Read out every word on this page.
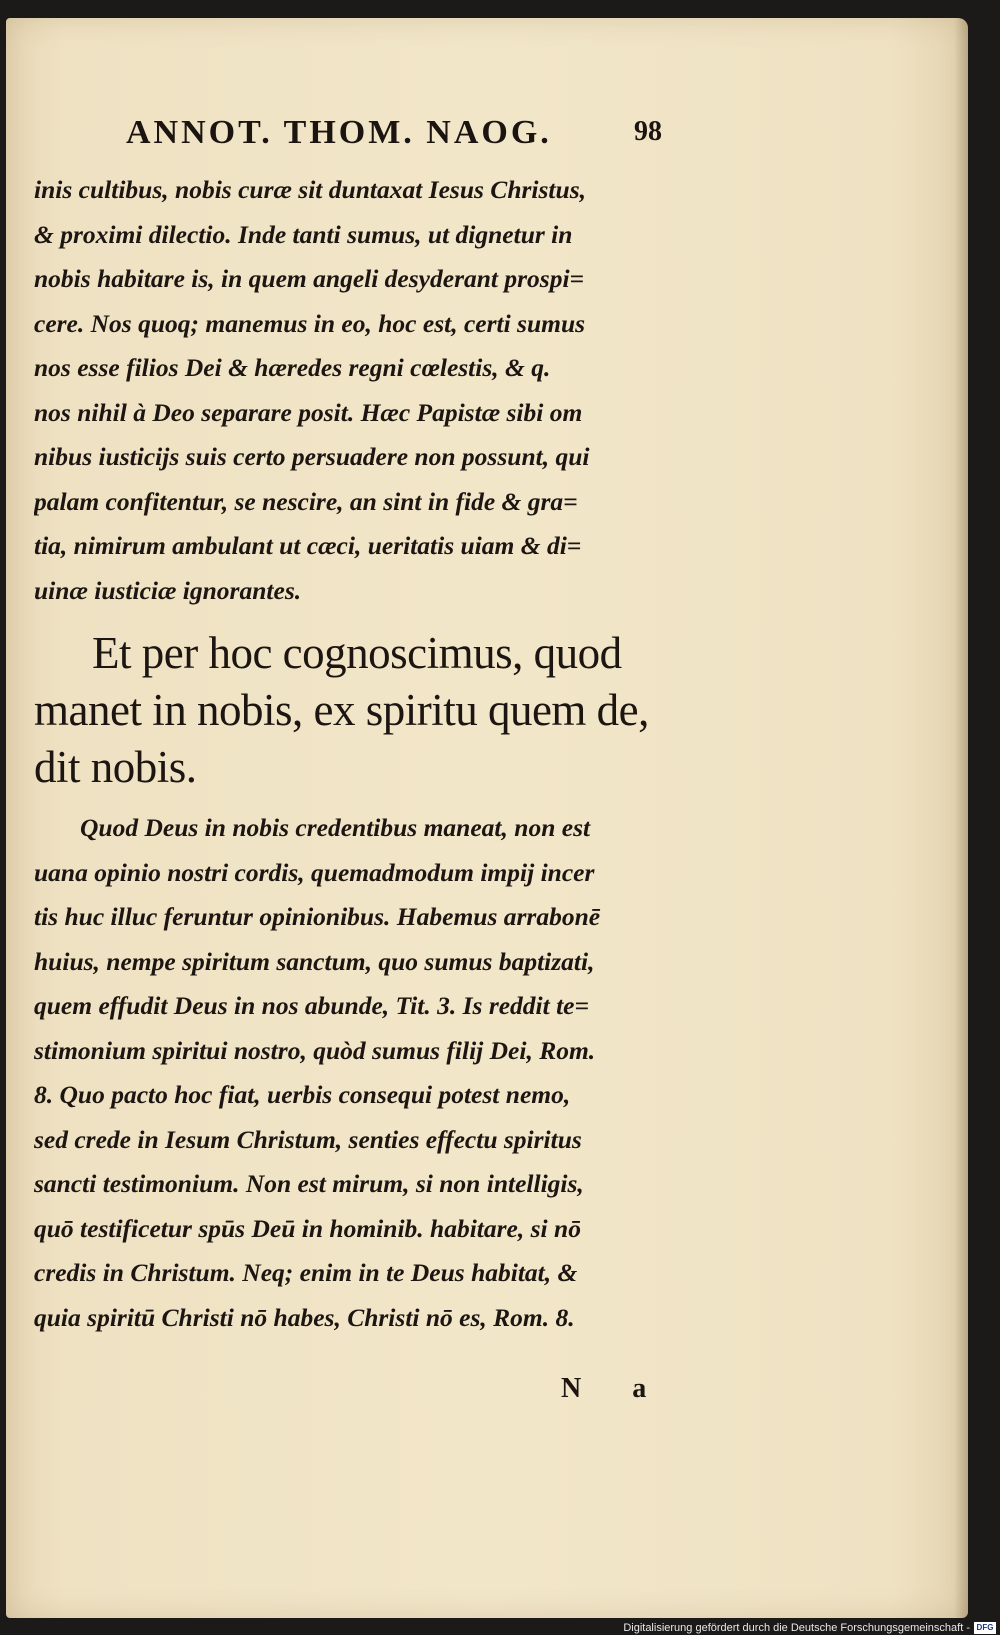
ANNOT. THOM. NAOG.	98
inis cultibus, nobis curæ sit duntaxat Iesus Christus,
& proximi dilectio. Inde tanti sumus, ut dignetur in
nobis habitare is, in quem angeli desyderant prospi=
cere. Nos quoq; manemus in eo, hoc est, certi sumus
nos esse filios Dei & hæredes regni cœlestis, & q.
nos nihil à Deo separare posit. Hæc Papistæ sibi om
nibus iusticijs suis certo persuadere non possunt, qui
palam confitentur, se nescire, an sint in fide & gra=
tia, nimirum ambulant ut cæci, ueritatis uiam & di=
uinæ iusticiæ ignorantes.
Et per hoc cognoscimus, quod
manet in nobis, ex spiritu quem de,
dit nobis.
Quod Deus in nobis credentibus maneat, non est
uana opinio nostri cordis, quemadmodum impij incer
tis huc illuc feruntur opinionibus. Habemus arrabonē
huius, nempe spiritum sanctum, quo sumus baptizati,
quem effudit Deus in nos abunde, Tit. 3. Is reddit te=
stimonium spiritui nostro, quòd sumus filij Dei, Rom.
8. Quo pacto hoc fiat, uerbis consequi potest nemo,
sed crede in Iesum Christum, senties effectu spiritus
sancti testimonium. Non est mirum, si non intelligis,
quō testificetur spūs Deū in hominib. habitare, si nō
credis in Christum. Neq; enim in te Deus habitat, &
quia spiritū Christi nō habes, Christi nō es, Rom. 8.
N a
Digitalisierung gefördert durch die Deutsche Forschungsgemeinschaft - DFG
